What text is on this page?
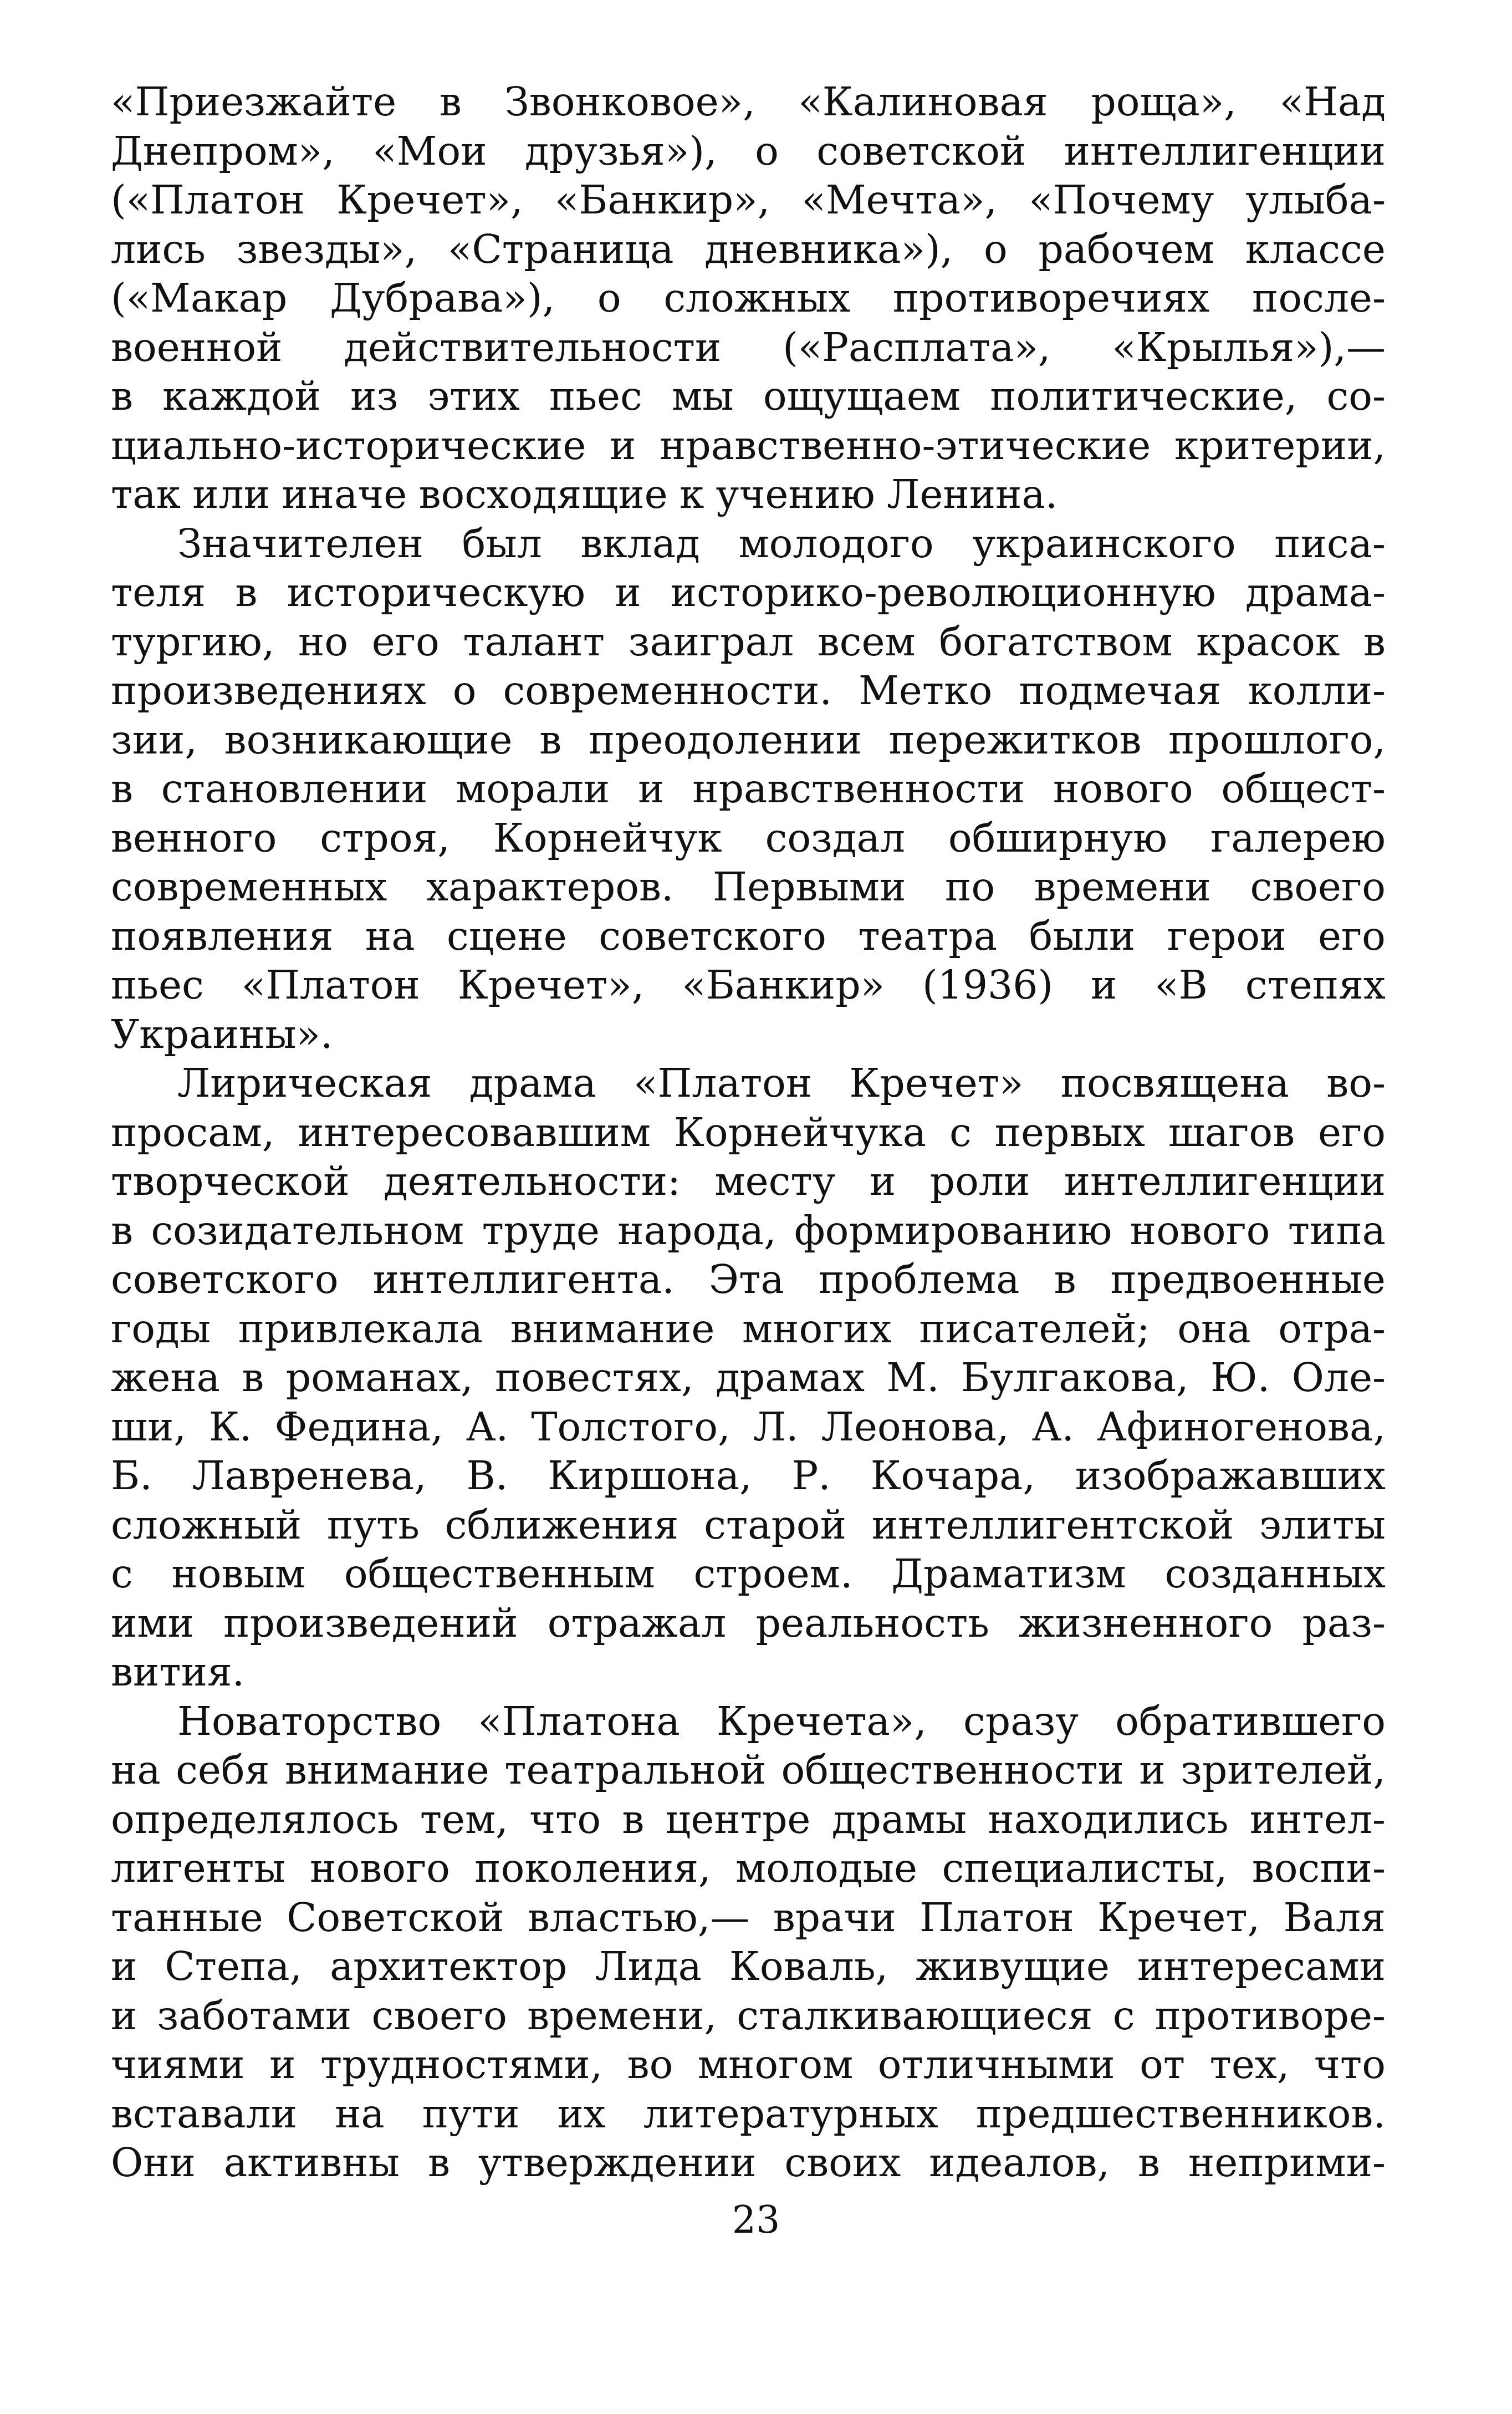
«Приезжайте в Звонковое», «Калиновая роща», «Над
Днепром», «Мои друзья»), о советской интеллигенции
(«Платон Кречет», «Банкир», «Мечта», «Почему улыба-
лись звезды», «Страница дневника»), о рабочем классе
(«Макар Дубрава»), о сложных противоречиях после-
военной действительности («Расплата», «Крылья»),—
в каждой из этих пьес мы ощущаем политические, со-
циально-исторические и нравственно-этические критерии,
так или иначе восходящие к учению Ленина.
Значителен был вклад молодого украинского писа-
теля в историческую и историко-революционную драма-
тургию, но его талант заиграл всем богатством красок в
произведениях о современности. Метко подмечая колли-
зии, возникающие в преодолении пережитков прошлого,
в становлении морали и нравственности нового общест-
венного строя, Корнейчук создал обширную галерею
современных характеров. Первыми по времени своего
появления на сцене советского театра были герои его
пьес «Платон Кречет», «Банкир» (1936) и «В степях
Украины».
Лирическая драма «Платон Кречет» посвящена во-
просам, интересовавшим Корнейчука с первых шагов его
творческой деятельности: месту и роли интеллигенции
в созидательном труде народа, формированию нового типа
советского интеллигента. Эта проблема в предвоенные
годы привлекала внимание многих писателей; она отра-
жена в романах, повестях, драмах М. Булгакова, Ю. Оле-
ши, К. Федина, А. Толстого, Л. Леонова, А. Афиногенова,
Б. Лавренева, В. Киршона, Р. Кочара, изображавших
сложный путь сближения старой интеллигентской элиты
с новым общественным строем. Драматизм созданных
ими произведений отражал реальность жизненного раз-
вития.
Новаторство «Платона Кречета», сразу обратившего
на себя внимание театральной общественности и зрителей,
определялось тем, что в центре драмы находились интел-
лигенты нового поколения, молодые специалисты, воспи-
танные Советской властью,— врачи Платон Кречет, Валя
и Степа, архитектор Лида Коваль, живущие интересами
и заботами своего времени, сталкивающиеся с противоре-
чиями и трудностями, во многом отличными от тех, что
вставали на пути их литературных предшественников.
Они активны в утверждении своих идеалов, в неприми-
23
